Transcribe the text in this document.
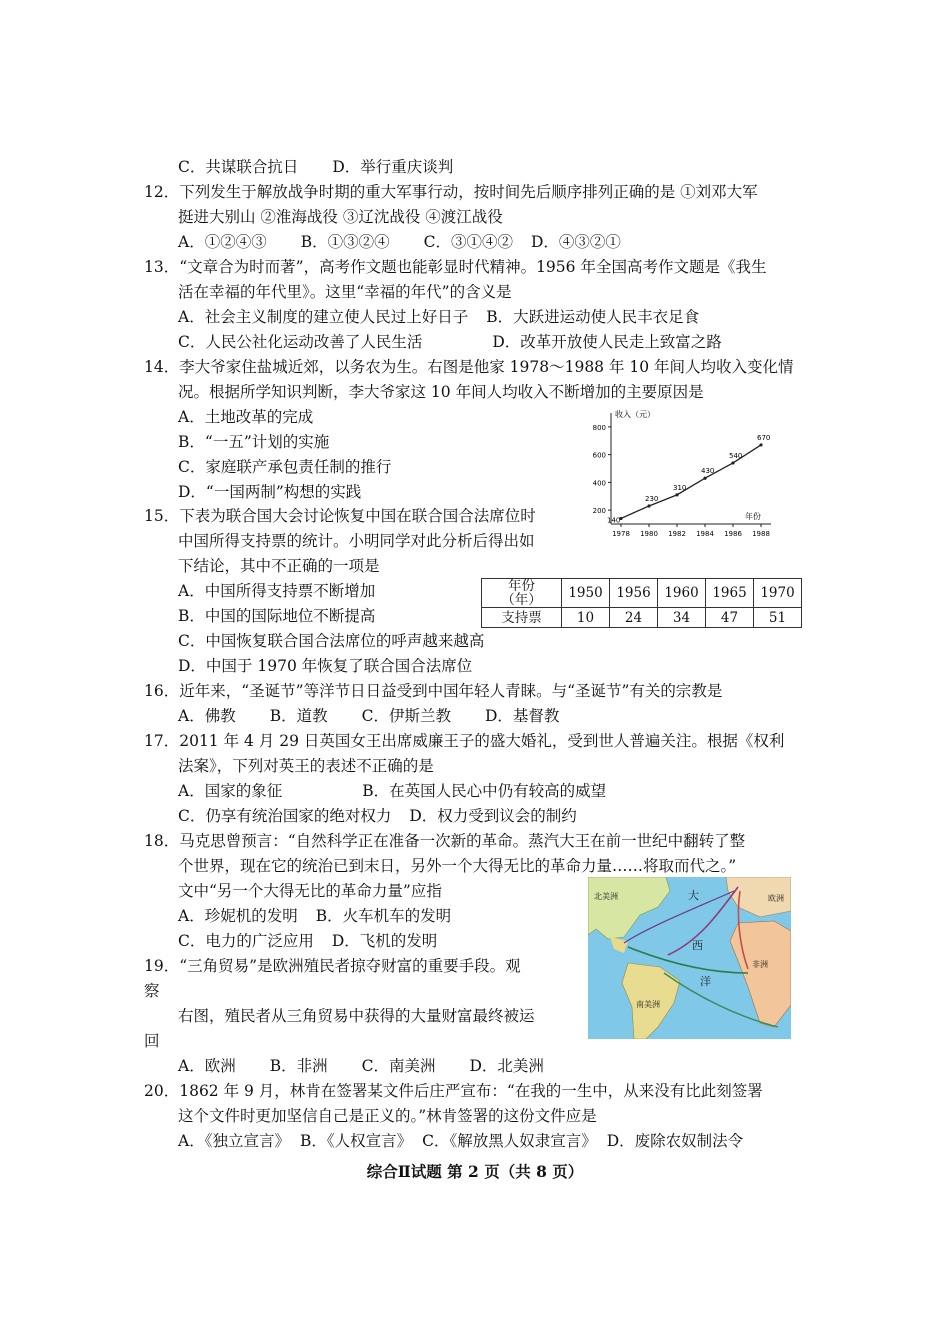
C．共谋联合抗日 D．举行重庆谈判
12．下列发生于解放战争时期的重大军事行动，按时间先后顺序排列正确的是 ①刘邓大军
挺进大别山 ②淮海战役 ③辽沈战役 ④渡江战役
A．①②④③ B．①③②④ C．③①④② D．④③②①
13．“文章合为时而著”，高考作文题也能彰显时代精神。1956 年全国高考作文题是《我生
活在幸福的年代里》。这里“幸福的年代”的含义是
A．社会主义制度的建立使人民过上好日子 B．大跃进运动使人民丰衣足食
C．人民公社化运动改善了人民生活	D．改革开放使人民走上致富之路
14．李大爷家住盐城近郊，以务农为生。右图是他家 1978～1988 年 10 年间人均收入变化情
况。根据所学知识判断，李大爷家这 10 年间人均收入不断增加的主要原因是
A．土地改革的完成
B．“一五”计划的实施
C．家庭联产承包责任制的推行
D．“一国两制”构想的实践
收入（元）
年份
200
400
600
800
1978 1980 1982 1984 1986 1988
140
230
310
430
540
670
15．下表为联合国大会讨论恢复中国在联合国合法席位时
中国所得支持票的统计。小明同学对此分析后得出如
下结论，其中不正确的一项是
A．中国所得支持票不断增加
B．中国的国际地位不断提高
C．中国恢复联合国合法席位的呼声越来越高
D．中国于 1970 年恢复了联合国合法席位
年份
（年）	1950	1956	1960	1965	1970
支持票	10	24	34	47	51
16．近年来，“圣诞节”等洋节日日益受到中国年轻人青睐。与“圣诞节”有关的宗教是
A．佛教 B．道教 C．伊斯兰教 D．基督教
17．2011 年 4 月 29 日英国女王出席威廉王子的盛大婚礼，受到世人普遍关注。根据《权利
法案》，下列对英王的表述不正确的是
A．国家的象征	B．在英国人民心中仍有较高的威望
C．仍享有统治国家的绝对权力 D．权力受到议会的制约
18．马克思曾预言：“自然科学正在准备一次新的革命。蒸汽大王在前一世纪中翻转了整
个世界，现在它的统治已到末日，另外一个大得无比的革命力量……将取而代之。”
文中“另一个大得无比的革命力量”应指
A．珍妮机的发明 B．火车机车的发明
C．电力的广泛应用 D．飞机的发明
北美洲	欧洲
大
西
洋
非洲
南美洲
19．“三角贸易”是欧洲殖民者掠夺财富的重要手段。观
察
右图，殖民者从三角贸易中获得的大量财富最终被运
回
A．欧洲 B．非洲 C．南美洲 D．北美洲
20．1862 年 9 月，林肯在签署某文件后庄严宣布：“在我的一生中，从来没有比此刻签署
这个文件时更加坚信自己是正义的。”林肯签署的这份文件应是
A．《独立宣言》 B．《人权宣言》 C．《解放黑人奴隶宣言》 D．废除农奴制法令
综合Ⅱ试题 第 2 页（共 8 页）
